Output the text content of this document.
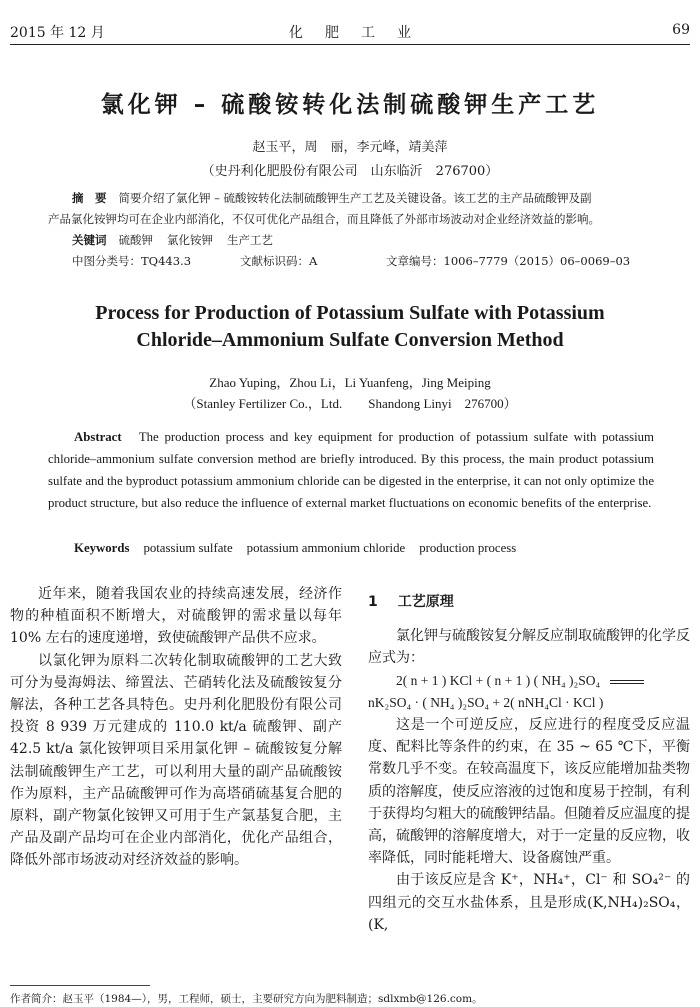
2015 年 12 月	化肥工业	69
氯化钾 – 硫酸铵转化法制硫酸钾生产工艺
赵玉平，周　丽，李元峰，靖美萍
（史丹利化肥股份有限公司　山东临沂　276700）
摘　要 简要介绍了氯化钾 – 硫酸铵转化法制硫酸钾生产工艺及关键设备。该工艺的主产品硫酸钾及副
产品氯化铵钾均可在企业内部消化，不仅可优化产品组合，而且降低了外部市场波动对企业经济效益的影响。
关键词 硫酸钾 氯化铵钾 生产工艺
中图分类号：TQ443.3	文献标识码：A	文章编号：1006–7779（2015）06–0069–03
Process for Production of Potassium Sulfate with Potassium
Chloride–Ammonium Sulfate Conversion Method
Zhao Yuping，Zhou Li，Li Yuanfeng，Jing Meiping
（Stanley Fertilizer Co.，Ltd.　　Shandong Linyi　276700）
Abstract The production process and key equipment for production of potassium sulfate with potassium chloride–ammonium sulfate conversion method are briefly introduced. By this process, the main product potassium sulfate and the byproduct potassium ammonium chloride can be digested in the enterprise, it can not only optimize the product structure, but also reduce the influence of external market fluctuations on economic benefits of the enterprise.
Keywords potassium sulfate potassium ammonium chloride production process

近年来，随着我国农业的持续高速发展，经济作物的种植面积不断增大，对硫酸钾的需求量以每年 10% 左右的速度递增，致使硫酸钾产品供不应求。

以氯化钾为原料二次转化制取硫酸钾的工艺大致可分为曼海姆法、缔置法、芒硝转化法及硫酸铵复分解法，各种工艺各具特色。史丹利化肥股份有限公司投资 8 939 万元建成的 110.0 kt/a 硫酸钾、副产 42.5 kt/a 氯化铵钾项目采用氯化钾 – 硫酸铵复分解法制硫酸钾生产工艺，可以利用大量的副产品硫酸铵作为原料，主产品硫酸钾可作为高塔硝硫基复合肥的原料，副产物氯化铵钾又可用于生产氯基复合肥，主产品及副产品均可在企业内部消化，优化产品组合，降低外部市场波动对经济效益的影响。

1 工艺原理

氯化钾与硫酸铵复分解反应制取硫酸钾的化学反应式为：

2( n + 1 ) KCl + ( n + 1 ) ( NH₄ )₂SO₄
nK₂SO₄ · ( NH₄ )₂SO₄ + 2( nNH₄Cl · KCl )

这是一个可逆反应，反应进行的程度受反应温度、配料比等条件的约束，在 35 ~ 65 ℃下，平衡常数几乎不变。在较高温度下，该反应能增加盐类物质的溶解度，使反应溶液的过饱和度易于控制，有利于获得均匀粗大的硫酸钾结晶。但随着反应温度的提高，硫酸钾的溶解度增大，对于一定量的反应物，收率降低，同时能耗增大、设备腐蚀严重。

由于该反应是含 K⁺，NH₄⁺，Cl⁻ 和 SO₄²⁻ 的四组元的交互水盐体系，且是形成(K,NH₄)₂SO₄，(K,

作者简介：赵玉平（1984—），男，工程师，硕士，主要研究方向为肥料制造；sdlxmb@126.com。
